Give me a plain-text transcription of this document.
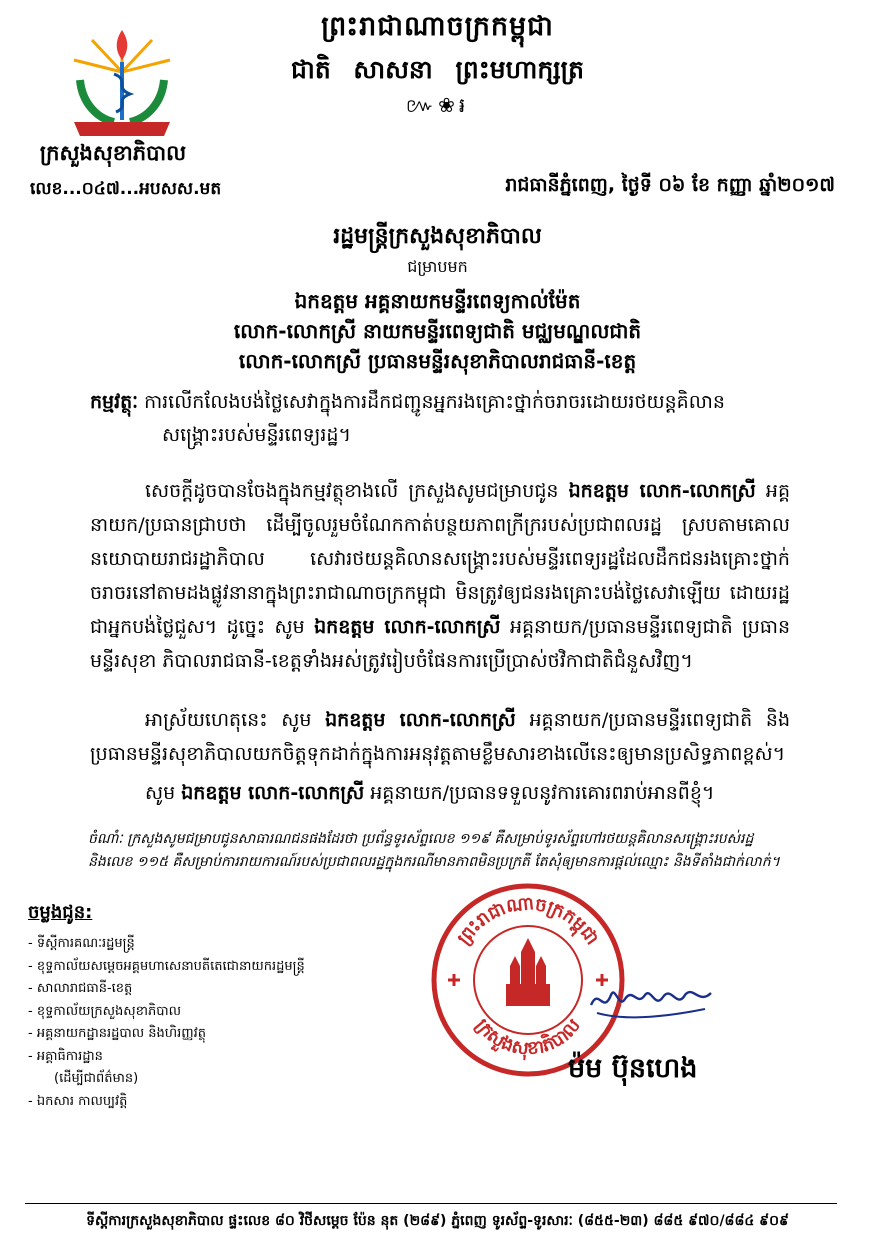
ព្រះរាជាណាចក្រកម្ពុជា
ជាតិ សាសនា ព្រះមហាក្សត្រ
៚❀៛
ក្រសួងសុខាភិបាល
លេខ...០៤៧...អបសស.មត	រាជធានីភ្នំពេញ, ថ្ងៃទី ០៦ ខែ កញ្ញា ឆ្នាំ២០១៧
រដ្ឋមន្ត្រីក្រសួងសុខាភិបាល
ជម្រាបមក
ឯកឧត្តម អគ្គនាយកមន្ទីរពេទ្យកាល់ម៉ែត
លោក-លោកស្រី នាយកមន្ទីរពេទ្យជាតិ មជ្ឈមណ្ឌលជាតិ
លោក-លោកស្រី ប្រធានមន្ទីរសុខាភិបាលរាជធានី-ខេត្ត
កម្មវត្ថុៈ ការលើកលែងបង់ថ្លៃសេវាក្នុងការដឹកជញ្ជូនអ្នករងគ្រោះថ្នាក់ចរាចរដោយរថយន្តគិលាន
សង្គ្រោះរបស់មន្ទីរពេទ្យរដ្ឋ។
សេចក្តីដូចបានចែងក្នុងកម្មវត្ថុខាងលើ ក្រសួងសូមជម្រាបជូន ឯកឧត្តម លោក-លោកស្រី អគ្គនាយក/ប្រធានជ្រាបថា ដើម្បីចូលរួមចំណែកកាត់បន្ថយភាពក្រីក្ររបស់ប្រជាពលរដ្ឋ ស្របតាមគោលនយោបាយរាជរដ្ឋាភិបាល សេវារថយន្តគិលានសង្គ្រោះរបស់មន្ទីរពេទ្យរដ្ឋដែលដឹកជនរងគ្រោះថ្នាក់ចរាចរនៅតាមដងផ្លូវនានាក្នុងព្រះរាជាណាចក្រកម្ពុជា មិនត្រូវឲ្យជនរងគ្រោះបង់ថ្លៃសេវាឡើយ ដោយរដ្ឋជាអ្នកបង់ថ្លៃជួស។ ដូច្នេះ សូម ឯកឧត្តម លោក-លោកស្រី អគ្គនាយក/ប្រធានមន្ទីរពេទ្យជាតិ ប្រធានមន្ទីរសុខា ភិបាលរាជធានី-ខេត្តទាំងអស់ត្រូវរៀបចំផែនការប្រើប្រាស់ថវិកាជាតិជំនួសវិញ។
អាស្រ័យហេតុនេះ សូម ឯកឧត្តម លោក-លោកស្រី អគ្គនាយក/ប្រធានមន្ទីរពេទ្យជាតិ និងប្រធានមន្ទីរសុខាភិបាលយកចិត្តទុកដាក់ក្នុងការអនុវត្តតាមខ្លឹមសារខាងលើនេះឲ្យមានប្រសិទ្ធភាពខ្ពស់។
សូម ឯកឧត្តម លោក-លោកស្រី អគ្គនាយក/ប្រធានទទួលនូវការគោរពរាប់អានពីខ្ញុំ។
ចំណាំៈ ក្រសួងសូមជម្រាបជូនសាធារណជនផងដែរថា ប្រព័ន្ធទូរស័ព្ទលេខ ១១៩ គឺសម្រាប់ទូរស័ព្ទហៅរថយន្តគិលានសង្គ្រោះរបស់រដ្ឋ និងលេខ ១១៥ គឺសម្រាប់ការរាយការណ៍របស់ប្រជាពលរដ្ឋក្នុងករណីមានភាពមិនប្រក្រតី តែសុំឲ្យមានការផ្តល់ឈ្មោះ និងទីតាំងជាក់លាក់។
ចម្លងជូន:
- ទីស្តីការគណៈរដ្ឋមន្ត្រី
- ខុទ្ទកាល័យសម្តេចអគ្គមហាសេនាបតីតេជោនាយករដ្ឋមន្ត្រី
- សាលារាជធានី-ខេត្ត
- ខុទ្ទកាល័យក្រសួងសុខាភិបាល
- អគ្គនាយកដ្ឋានរដ្ឋបាល និងហិរញ្ញវត្ថុ
- អគ្គាធិការដ្ឋាន
(ដើម្បីជាព័ត៌មាន)
- ឯកសារ កាលប្បវត្តិ
ព្រះរាជាណាចក្រកម្ពុជា
ក្រសួងសុខាភិបាល
ម៉ម ប៊ុនហេង
ទីស្តីការក្រសួងសុខាភិបាល ផ្ទះលេខ ៨០ វិថីសម្តេច ប៉ែន នុត (២៨៩) ភ្នំពេញ ទូរស័ព្ទ-ទូរសារៈ (៨៥៥-២៣) ៨៨៥ ៩៧០/៨៨៤ ៩០៩
